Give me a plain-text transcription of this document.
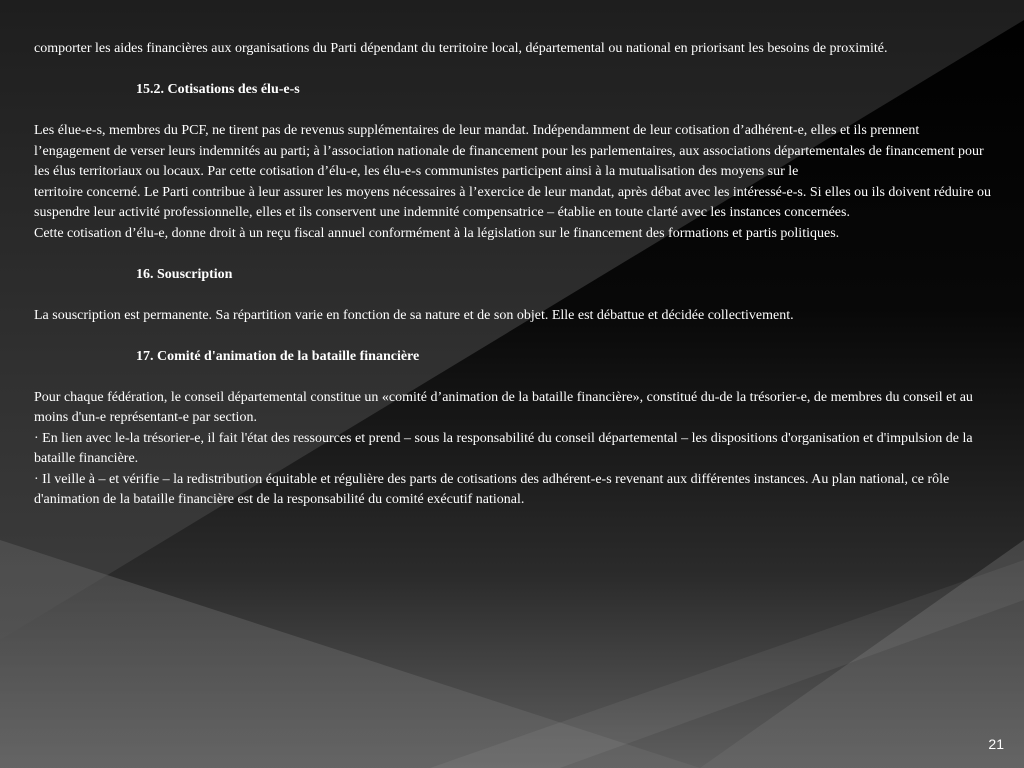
comporter les aides financières aux organisations du Parti dépendant du territoire local, départemental ou national en priorisant les besoins de proximité.

15.2. Cotisations des élu-e-s

Les élue-e-s, membres du PCF, ne tirent pas de revenus supplémentaires de leur mandat. Indépendamment de leur cotisation d’adhérent-e, elles et ils prennent l’engagement de verser leurs indemnités au parti; à l’association nationale de financement pour les parlementaires, aux associations départementales de financement pour les élus territoriaux ou locaux. Par cette cotisation d’élu-e, les élu-e-s communistes participent ainsi à la mutualisation des moyens sur le

territoire concerné. Le Parti contribue à leur assurer les moyens nécessaires à l’exercice de leur mandat, après débat avec les intéressé-e-s. Si elles ou ils doivent réduire ou suspendre leur activité professionnelle, elles et ils conservent une indemnité compensatrice – établie en toute clarté avec les instances concernées.

Cette cotisation d’élu-e, donne droit à un reçu fiscal annuel conformément à la législation sur le financement des formations et partis politiques.

16. Souscription

La souscription est permanente. Sa répartition varie en fonction de sa nature et de son objet. Elle est débattue et décidée collectivement.

17. Comité d'animation de la bataille financière

Pour chaque fédération, le conseil départemental constitue un «comité d’animation de la bataille financière», constitué du-de la trésorier-e, de membres du conseil et au moins d'un-e représentant-e par section.

· En lien avec le-la trésorier-e, il fait l'état des ressources et prend – sous la responsabilité du conseil départemental – les dispositions d'organisation et d'impulsion de la bataille financière.

· Il veille à – et vérifie – la redistribution équitable et régulière des parts de cotisations des adhérent-e-s revenant aux différentes instances. Au plan national, ce rôle d'animation de la bataille financière est de la responsabilité du comité exécutif national.

21
